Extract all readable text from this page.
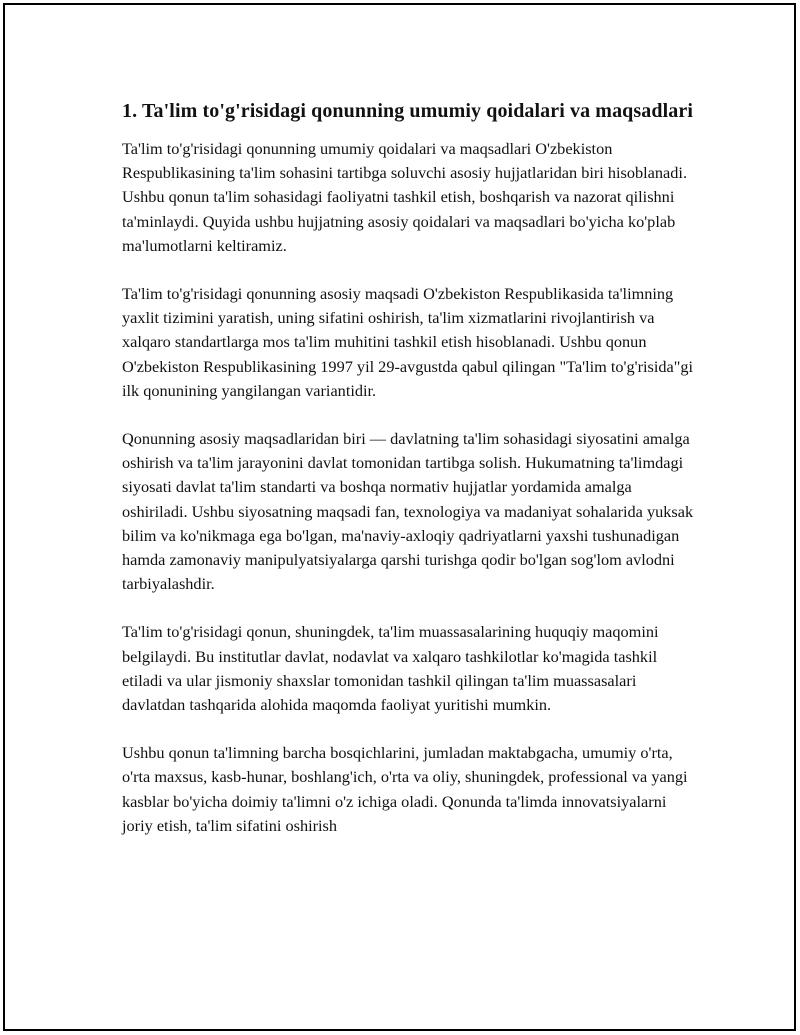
1. Ta'lim to'g'risidagi qonunning umumiy qoidalari va maqsadlari

Ta'lim to'g'risidagi qonunning umumiy qoidalari va maqsadlari O'zbekiston Respublikasining ta'lim sohasini tartibga soluvchi asosiy hujjatlaridan biri hisoblanadi. Ushbu qonun ta'lim sohasidagi faoliyatni tashkil etish, boshqarish va nazorat qilishni ta'minlaydi. Quyida ushbu hujjatning asosiy qoidalari va maqsadlari bo'yicha ko'plab ma'lumotlarni keltiramiz.

Ta'lim to'g'risidagi qonunning asosiy maqsadi O'zbekiston Respublikasida ta'limning yaxlit tizimini yaratish, uning sifatini oshirish, ta'lim xizmatlarini rivojlantirish va xalqaro standartlarga mos ta'lim muhitini tashkil etish hisoblanadi. Ushbu qonun O'zbekiston Respublikasining 1997 yil 29-avgustda qabul qilingan "Ta'lim to'g'risida"gi ilk qonunining yangilangan variantidir.

Qonunning asosiy maqsadlaridan biri — davlatning ta'lim sohasidagi siyosatini amalga oshirish va ta'lim jarayonini davlat tomonidan tartibga solish. Hukumatning ta'limdagi siyosati davlat ta'lim standarti va boshqa normativ hujjatlar yordamida amalga oshiriladi. Ushbu siyosatning maqsadi fan, texnologiya va madaniyat sohalarida yuksak bilim va ko'nikmaga ega bo'lgan, ma'naviy-axloqiy qadriyatlarni yaxshi tushunadigan hamda zamonaviy manipulyatsiyalarga qarshi turishga qodir bo'lgan sog'lom avlodni tarbiyalashdir.

Ta'lim to'g'risidagi qonun, shuningdek, ta'lim muassasalarining huquqiy maqomini belgilaydi. Bu institutlar davlat, nodavlat va xalqaro tashkilotlar ko'magida tashkil etiladi va ular jismoniy shaxslar tomonidan tashkil qilingan ta'lim muassasalari davlatdan tashqarida alohida maqomda faoliyat yuritishi mumkin.

Ushbu qonun ta'limning barcha bosqichlarini, jumladan maktabgacha, umumiy o'rta, o'rta maxsus, kasb-hunar, boshlang'ich, o'rta va oliy, shuningdek, professional va yangi kasblar bo'yicha doimiy ta'limni o'z ichiga oladi. Qonunda ta'limda innovatsiyalarni joriy etish, ta'lim sifatini oshirish
